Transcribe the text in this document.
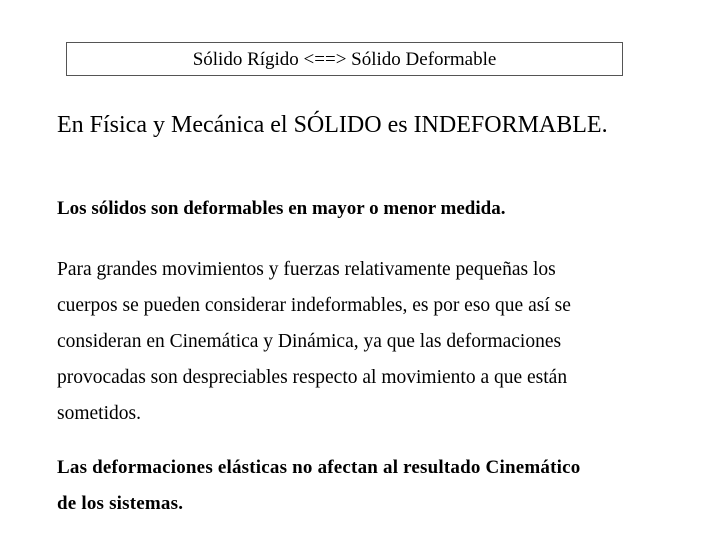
Sólido Rígido <==> Sólido Deformable
En Física y Mecánica el SÓLIDO es INDEFORMABLE.
Los sólidos son deformables en mayor o menor medida.
Para grandes movimientos y fuerzas relativamente pequeñas los
cuerpos se pueden considerar indeformables, es por eso que así se
consideran en Cinemática y Dinámica, ya que las deformaciones
provocadas son despreciables respecto al movimiento a que están
sometidos.
Las deformaciones elásticas no afectan al resultado Cinemático
de los sistemas.
